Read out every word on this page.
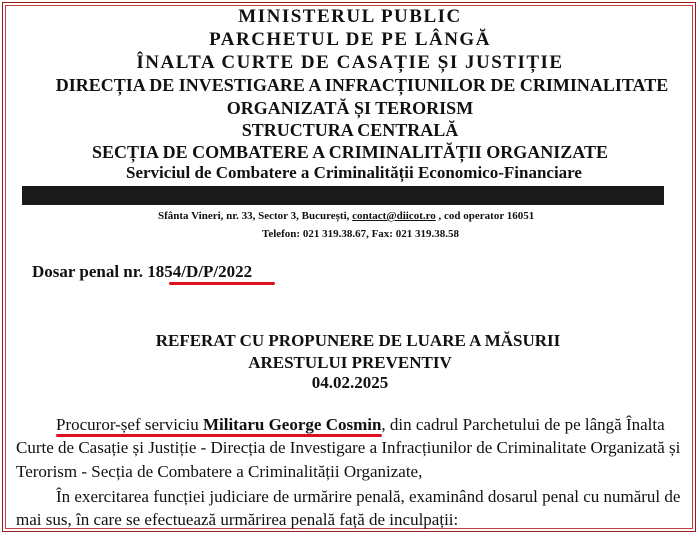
MINISTERUL PUBLIC
PARCHETUL DE PE LÂNGĂ
ÎNALTA CURTE DE CASAȚIE ȘI JUSTIȚIE
DIRECȚIA DE INVESTIGARE A INFRACȚIUNILOR DE CRIMINALITATE
ORGANIZATĂ ȘI TERORISM
STRUCTURA CENTRALĂ
SECȚIA DE COMBATERE A CRIMINALITĂȚII ORGANIZATE
Serviciul de Combatere a Criminalității Economico-Financiare
Sfânta Vineri, nr. 33, Sector 3, București, contact@diicot.ro , cod operator 16051
Telefon: 021 319.38.67, Fax: 021 319.38.58
Dosar penal nr. 1854/D/P/2022
REFERAT CU PROPUNERE DE LUARE A MĂSURII
ARESTULUI PREVENTIV
04.02.2025
Procuror-șef serviciu Militaru George Cosmin, din cadrul Parchetului de pe lângă Înalta
Curte de Casație și Justiție - Direcția de Investigare a Infracțiunilor de Criminalitate Organizată și
Terorism - Secția de Combatere a Criminalității Organizate,
În exercitarea funcției judiciare de urmărire penală, examinând dosarul penal cu numărul de
mai sus, în care se efectuează urmărirea penală față de inculpații:
